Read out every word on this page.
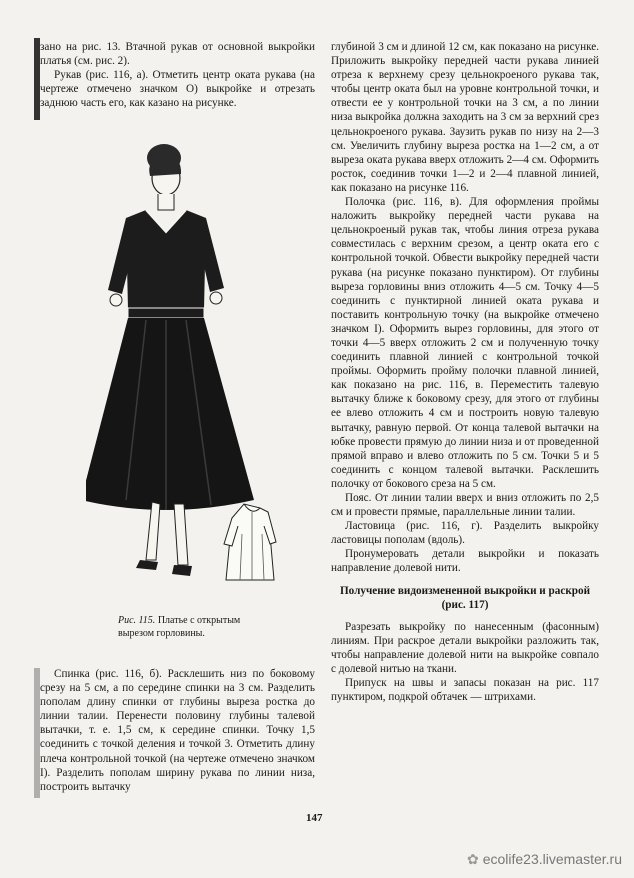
зано на рис. 13. Втачной рукав от основной выкройки платья (см. рис. 2).

Рукав (рис. 116, а). Отметить центр оката рукава (на чертеже отмечено значком О) выкройке и отрезать заднюю часть его, как казано на рисунке.

Рис. 115. Платье с открытым вырезом горловины.

Спинка (рис. 116, б). Расклешить низ по боковому срезу на 5 см, а по середине спинки на 3 см. Разделить пополам длину спинки от глубины выреза ростка до линии талии. Перенести половину глубины талевой вытачки, т. е. 1,5 см, к середине спинки. Точку 1,5 соединить с точкой деления и точкой 3. Отметить длину плеча контрольной точкой (на чертеже отмечено значком I). Разделить пополам ширину рукава по линии низа, построить вытачку

глубиной 3 см и длиной 12 см, как показано на рисунке. Приложить выкройку передней части рукава линией отреза к верхнему срезу цельнокроеного рукава так, чтобы центр оката был на уровне контрольной точки, и отвести ее у контрольной точки на 3 см, а по линии низа выкройка должна заходить на 3 см за верхний срез цельнокроеного рукава. Заузить рукав по низу на 2—3 см. Увеличить глубину выреза ростка на 1—2 см, а от выреза оката рукава вверх отложить 2—4 см. Оформить росток, соединив точки 1—2 и 2—4 плавной линией, как показано на рисунке 116.

Полочка (рис. 116, в). Для оформления проймы наложить выкройку передней части рукава на цельнокроеный рукав так, чтобы линия отреза рукава совместилась с верхним срезом, а центр оката его с контрольной точкой. Обвести выкройку передней части рукава (на рисунке показано пунктиром). От глубины выреза горловины вниз отложить 4—5 см. Точку 4—5 соединить с пунктирной линией оката рукава и поставить контрольную точку (на выкройке отмечено значком I). Оформить вырез горловины, для этого от точки 4—5 вверх отложить 2 см и полученную точку соединить плавной линией с контрольной точкой проймы. Оформить пройму полочки плавной линией, как показано на рис. 116, в. Переместить талевую вытачку ближе к боковому срезу, для этого от глубины ее влево отложить 4 см и построить новую талевую вытачку, равную первой. От конца талевой вытачки на юбке провести прямую до линии низа и от проведенной прямой вправо и влево отложить по 5 см. Точки 5 и 5 соединить с концом талевой вытачки. Расклешить полочку от бокового среза на 5 см.

Пояс. От линии талии вверх и вниз отложить по 2,5 см и провести прямые, параллельные линии талии.

Ластовица (рис. 116, г). Разделить выкройку ластовицы пополам (вдоль).

Пронумеровать детали выкройки и показать направление долевой нити.

Получение видоизмененной выкройки и раскрой (рис. 117)

Разрезать выкройку по нанесенным (фасонным) линиям. При раскрое детали выкройки разложить так, чтобы направление долевой нити на выкройке совпало с долевой нитью на ткани.

Припуск на швы и запасы показан на рис. 117 пунктиром, подкрой обтачек — штрихами.

147
✿ ecolife23.livemaster.ru
